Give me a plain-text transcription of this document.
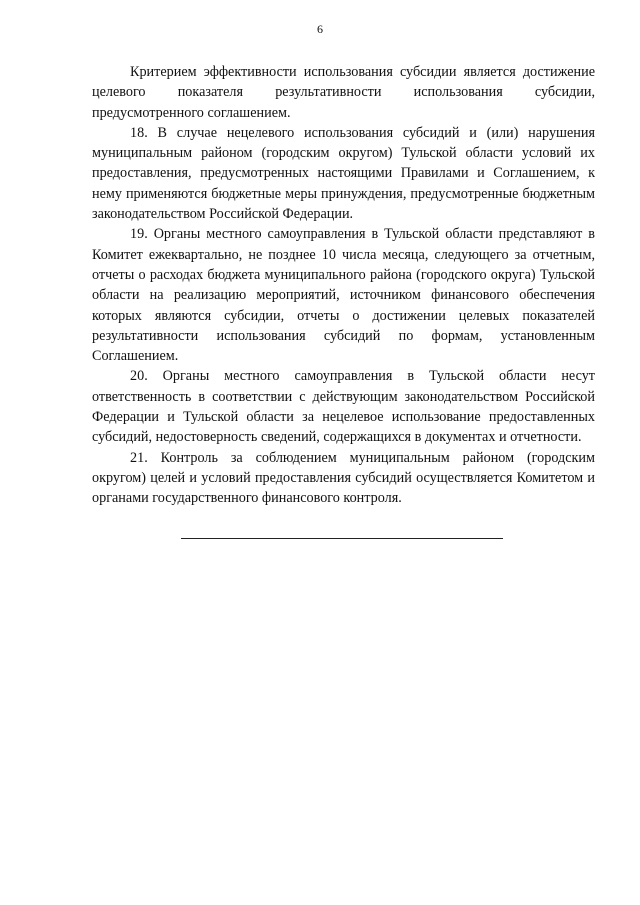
6

Критерием эффективности использования субсидии является достижение целевого показателя результативности использования субсидии, предусмотренного соглашением.

18. В случае нецелевого использования субсидий и (или) нарушения муниципальным районом (городским округом) Тульской области условий их предоставления, предусмотренных настоящими Правилами и Соглашением, к нему применяются бюджетные меры принуждения, предусмотренные бюджетным законодательством Российской Федерации.

19. Органы местного самоуправления в Тульской области представляют в Комитет ежеквартально, не позднее 10 числа месяца, следующего за отчетным, отчеты о расходах бюджета муниципального района (городского округа) Тульской области на реализацию мероприятий, источником финансового обеспечения которых являются субсидии, отчеты о достижении целевых показателей результативности использования субсидий по формам, установленным Соглашением.

20. Органы местного самоуправления в Тульской области несут ответственность в соответствии с действующим законодательством Российской Федерации и Тульской области за нецелевое использование предоставленных субсидий, недостоверность сведений, содержащихся в документах и отчетности.

21. Контроль за соблюдением муниципальным районом (городским округом) целей и условий предоставления субсидий осуществляется Комитетом и органами государственного финансового контроля.
